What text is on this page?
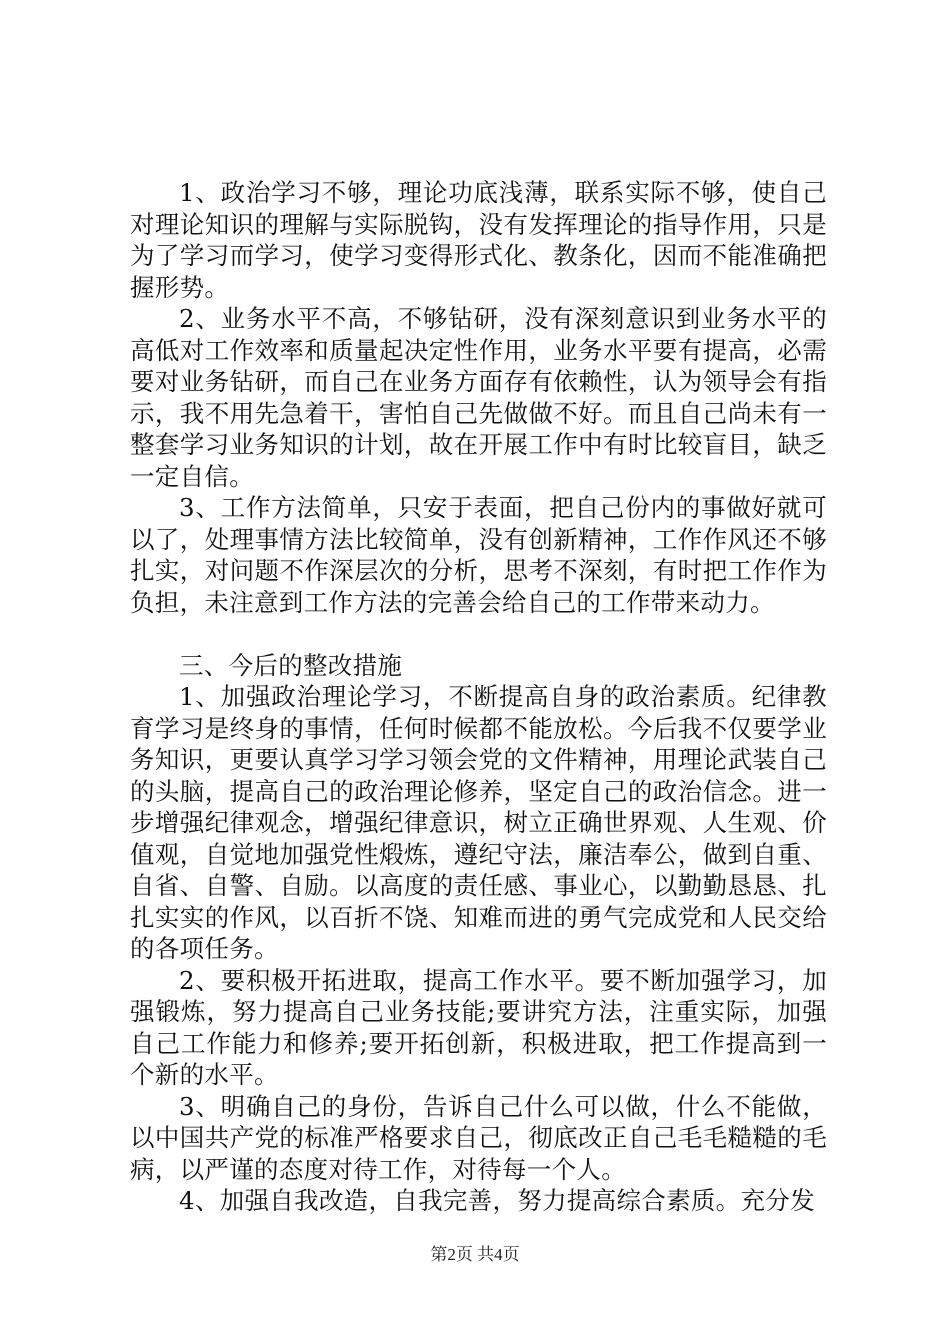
1、政治学习不够，理论功底浅薄，联系实际不够，使自己对理论知识的理解与实际脱钩，没有发挥理论的指导作用，只是为了学习而学习，使学习变得形式化、教条化，因而不能准确把握形势。

2、业务水平不高，不够钻研，没有深刻意识到业务水平的高低对工作效率和质量起决定性作用，业务水平要有提高，必需要对业务钻研，而自己在业务方面存有依赖性，认为领导会有指示，我不用先急着干，害怕自己先做做不好。而且自己尚未有一整套学习业务知识的计划，故在开展工作中有时比较盲目，缺乏一定自信。

3、工作方法简单，只安于表面，把自己份内的事做好就可以了，处理事情方法比较简单，没有创新精神，工作作风还不够扎实，对问题不作深层次的分析，思考不深刻，有时把工作作为负担，未注意到工作方法的完善会给自己的工作带来动力。

三、今后的整改措施

1、加强政治理论学习，不断提高自身的政治素质。纪律教育学习是终身的事情，任何时候都不能放松。今后我不仅要学业务知识，更要认真学习学习领会党的文件精神，用理论武装自己的头脑，提高自己的政治理论修养，坚定自己的政治信念。进一步增强纪律观念，增强纪律意识，树立正确世界观、人生观、价值观，自觉地加强党性煅炼，遵纪守法，廉洁奉公，做到自重、自省、自警、自励。以高度的责任感、事业心，以勤勤恳恳、扎扎实实的作风，以百折不饶、知难而进的勇气完成党和人民交给的各项任务。

2、要积极开拓进取，提高工作水平。要不断加强学习，加强锻炼，努力提高自己业务技能;要讲究方法，注重实际，加强自己工作能力和修养;要开拓创新，积极进取，把工作提高到一个新的水平。

3、明确自己的身份，告诉自己什么可以做，什么不能做，以中国共产党的标准严格要求自己，彻底改正自己毛毛糙糙的毛病，以严谨的态度对待工作，对待每一个人。

4、加强自我改造，自我完善，努力提高综合素质。充分发

第2页 共4页
